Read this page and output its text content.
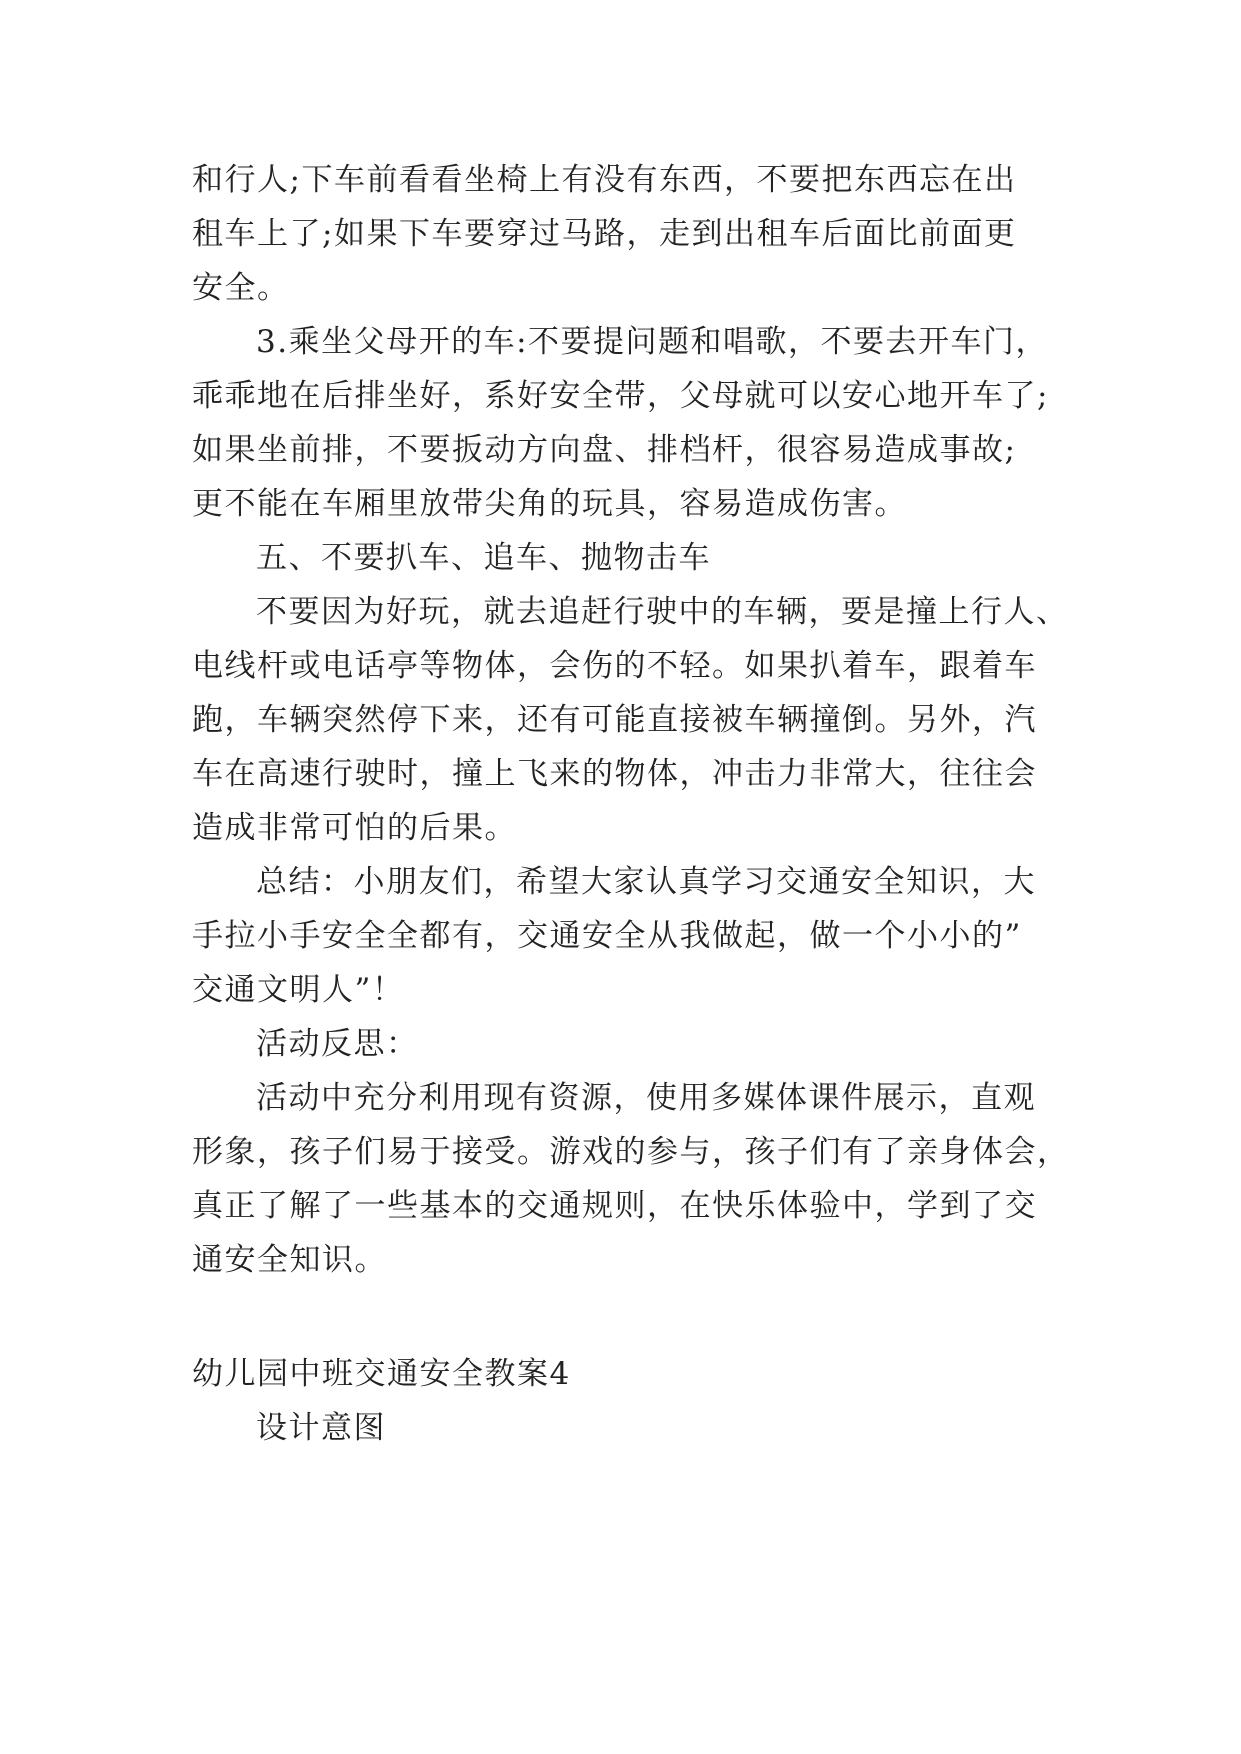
和行人;下车前看看坐椅上有没有东西，不要把东西忘在出
租车上了;如果下车要穿过马路，走到出租车后面比前面更
安全。
3.乘坐父母开的车:不要提问题和唱歌，不要去开车门，
乖乖地在后排坐好，系好安全带，父母就可以安心地开车了;
如果坐前排，不要扳动方向盘、排档杆，很容易造成事故;
更不能在车厢里放带尖角的玩具，容易造成伤害。
五、不要扒车、追车、抛物击车
不要因为好玩，就去追赶行驶中的车辆，要是撞上行人、
电线杆或电话亭等物体，会伤的不轻。如果扒着车，跟着车
跑，车辆突然停下来，还有可能直接被车辆撞倒。另外，汽
车在高速行驶时，撞上飞来的物体，冲击力非常大，往往会
造成非常可怕的后果。
总结：小朋友们，希望大家认真学习交通安全知识，大
手拉小手安全全都有，交通安全从我做起，做一个小小的”
交通文明人”！
活动反思：
活动中充分利用现有资源，使用多媒体课件展示，直观
形象，孩子们易于接受。游戏的参与，孩子们有了亲身体会，
真正了解了一些基本的交通规则，在快乐体验中，学到了交
通安全知识。
幼儿园中班交通安全教案4
设计意图
